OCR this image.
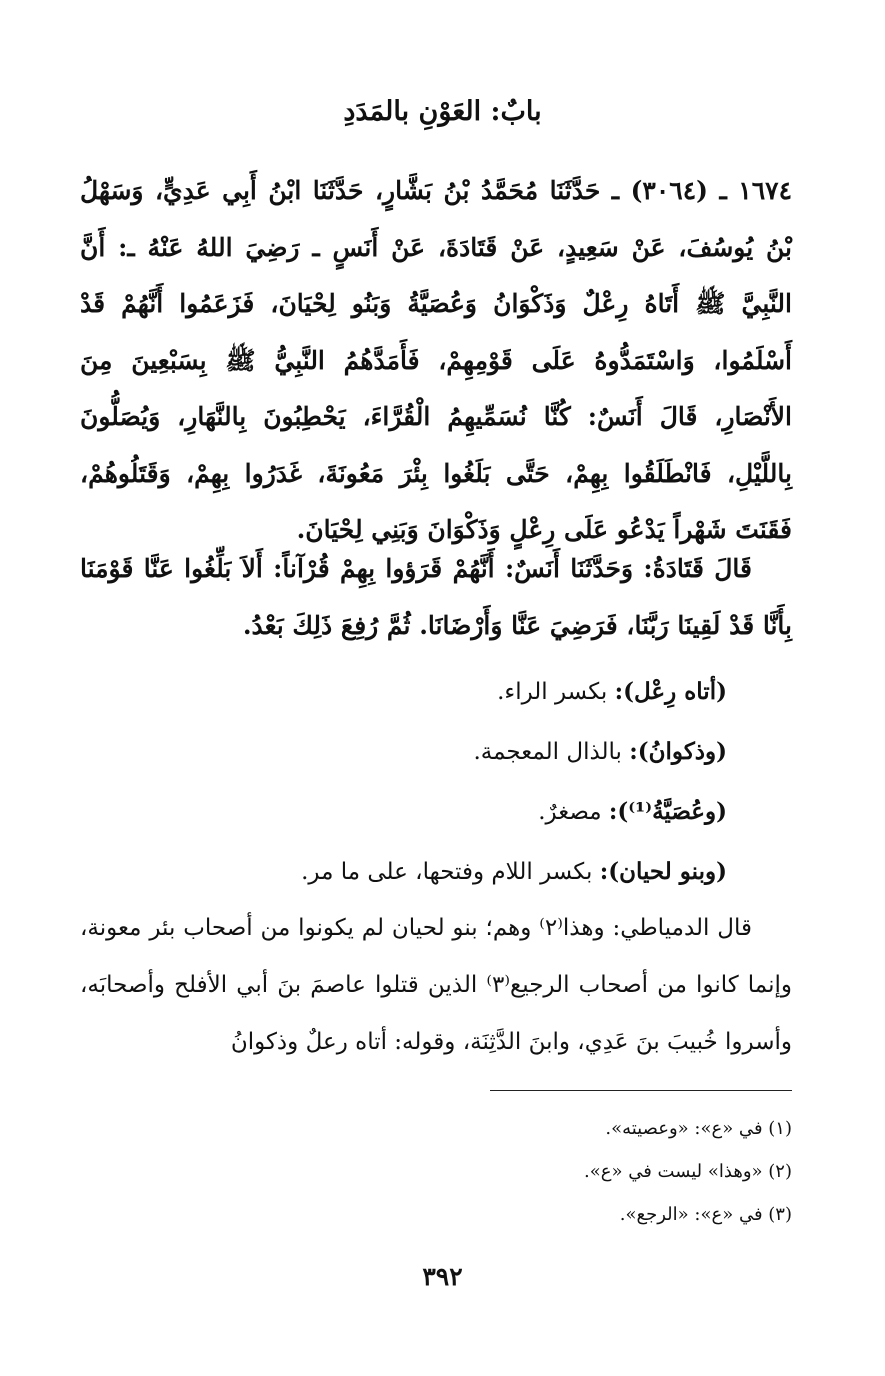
بابٌ: العَوْنِ بالمَدَدِ

١٦٧٤ ـ (٣٠٦٤) ـ حَدَّثَنَا مُحَمَّدُ بْنُ بَشَّارٍ، حَدَّثَنَا ابْنُ أَبِي عَدِيٍّ، وَسَهْلُ بْنُ يُوسُفَ، عَنْ سَعِيدٍ، عَنْ قَتَادَةَ، عَنْ أَنَسٍ ـ رَضِيَ اللهُ عَنْهُ ـ: أَنَّ النَّبِيَّ ﷺ أَتَاهُ رِعْلٌ وَذَكْوَانُ وَعُصَيَّةُ وَبَنُو لِحْيَانَ، فَزَعَمُوا أَنَّهُمْ قَدْ أَسْلَمُوا، وَاسْتَمَدُّوهُ عَلَى قَوْمِهِمْ، فَأَمَدَّهُمُ النَّبِيُّ ﷺ بِسَبْعِينَ مِنَ الأَنْصَارِ، قَالَ أَنَسٌ: كُنَّا نُسَمِّيهِمُ الْقُرَّاءَ، يَحْطِبُونَ بِالنَّهَارِ، وَيُصَلُّونَ بِاللَّيْلِ، فَانْطَلَقُوا بِهِمْ، حَتَّى بَلَغُوا بِئْرَ مَعُونَةَ، غَدَرُوا بِهِمْ، وَقَتَلُوهُمْ، فَقَنَتَ شَهْراً يَدْعُو عَلَى رِعْلٍ وَذَكْوَانَ وَبَنِي لِحْيَانَ.

قَالَ قَتَادَةُ: وَحَدَّثَنَا أَنَسٌ: أَنَّهُمْ قَرَؤوا بِهِمْ قُرْآناً: أَلاَ بَلِّغُوا عَنَّا قَوْمَنَا بِأَنَّا قَدْ لَقِينَا رَبَّنَا، فَرَضِيَ عَنَّا وَأَرْضَانَا. ثُمَّ رُفِعَ ذَلِكَ بَعْدُ.

(أتاه رِعْل): بكسر الراء.
(وذكوانُ): بالذال المعجمة.
(وعُصَيَّةُ⁽¹⁾): مصغرٌ.
(وبنو لحيان): بكسر اللام وفتحها، على ما مر.

قال الدمياطي: وهذا⁽٢⁾ وهم؛ بنو لحيان لم يكونوا من أصحاب بئر معونة، وإنما كانوا من أصحاب الرجيع⁽٣⁾ الذين قتلوا عاصمَ بنَ أبي الأفلح وأصحابَه، وأسروا خُبيبَ بنَ عَدِي، وابنَ الدَّثِنَة، وقوله: أتاه رعلٌ وذكوانُ

(١) في «ع»: «وعصيته».
(٢) «وهذا» ليست في «ع».
(٣) في «ع»: «الرجع».
٣٩٢
